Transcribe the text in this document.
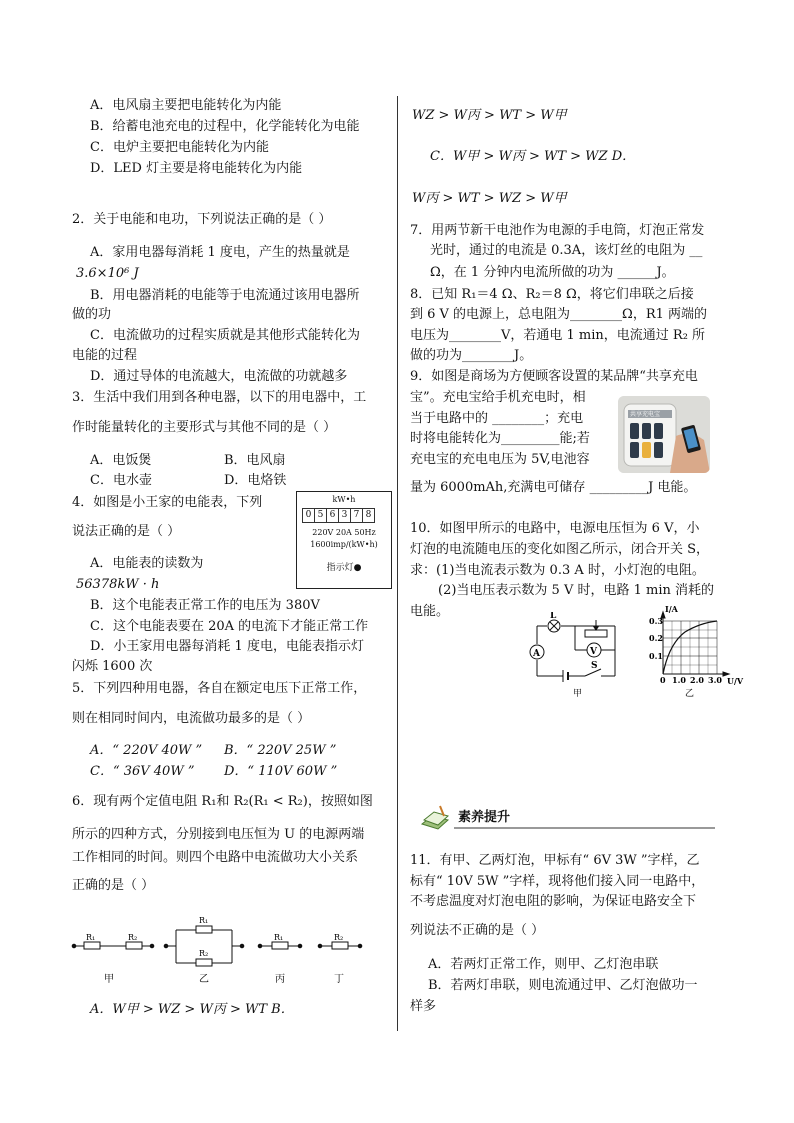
A．电风扇主要把电能转化为内能
B．给蓄电池充电的过程中，化学能转化为电能
C．电炉主要把电能转化为内能
D．LED 灯主要是将电能转化为内能
2．关于电能和电功，下列说法正确的是（ ）
A．家用电器每消耗 1 度电，产生的热量就是
3.6×10⁶ J
B．用电器消耗的电能等于电流通过该用电器所
做的功
C．电流做功的过程实质就是其他形式能转化为
电能的过程
D．通过导体的电流越大，电流做的功就越多
3．生活中我们用到各种电器，以下的用电器中，工
作时能量转化的主要形式与其他不同的是（ ）
A．电饭煲	B．电风扇
C．电水壶	D．电烙铁
4．如图是小王家的电能表，下列
说法正确的是（ ）
A．电能表的读数为
56378kW · h
B．这个电能表正常工作的电压为 380V
C．这个电能表要在 20A 的电流下才能正常工作
D．小王家用电器每消耗 1 度电，电能表指示灯
闪烁 1600 次
kW•h
0 5 6 3 7 8
220V 20A 50Hz
1600imp/(kW•h)
指示灯●
5．下列四种用电器，各自在额定电压下正常工作，
则在相同时间内，电流做功最多的是（ ）
A．“ 220V 40W ” B．“ 220V 25W ”
C．“ 36V 40W ” D．“ 110V 60W ”
6．现有两个定值电阻 R₁和 R₂(R₁ < R₂)，按照如图
所示的四种方式，分别接到电压恒为 U 的电源两端
工作相同的时间。则四个电路中电流做功大小关系
正确的是（ ）
R₁	R₂
甲
R₁
R₂
乙
R₁
丙
R₂
丁
A．W甲 > WZ > W丙 > WT B．
WZ > W丙 > WT > W甲
C．W甲 > W丙 > WT > WZ D．
W丙 > WT > WZ > W甲
7．用两节新干电池作为电源的手电筒，灯泡正常发
光时，通过的电流是 0.3A，该灯丝的电阻为 __
Ω，在 1 分钟内电流所做的功为 ______J。
8．已知 R₁＝4 Ω、R₂＝8 Ω，将它们串联之后接
到 6 V 的电源上，总电阻为________Ω，R1 两端的
电压为________V，若通电 1 min，电流通过 R₂ 所
做的功为________J。
9．如图是商场为方便顾客设置的某品牌“共享充电
宝”。充电宝给手机充电时，相
当于电路中的 ________；充电
时将电能转化为_________能;若
充电宝的充电电压为 5V,电池容
量为 6000mAh,充满电可储存 _________J 电能。
共享充电宝
10．如图甲所示的电路中，电源电压恒为 6 V，小
灯泡的电流随电压的变化如图乙所示，闭合开关 S，
求：(1)当电流表示数为 0.3 A 时，小灯泡的电阻。
(2)当电压表示数为 5 V 时，电路 1 min 消耗的
电能。	L
A	V
S
甲
I/A
U/V
0.3
0.2
0.1
0 1.0 2.0 3.0
乙
素养提升
11．有甲、乙两灯泡，甲标有“ 6V 3W ”字样，乙
标有“ 10V 5W ”字样，现将他们接入同一电路中，
不考虑温度对灯泡电阻的影响，为保证电路安全下
列说法不正确的是（ ）
A．若两灯正常工作，则甲、乙灯泡串联
B．若两灯串联，则电流通过甲、乙灯泡做功一
样多
